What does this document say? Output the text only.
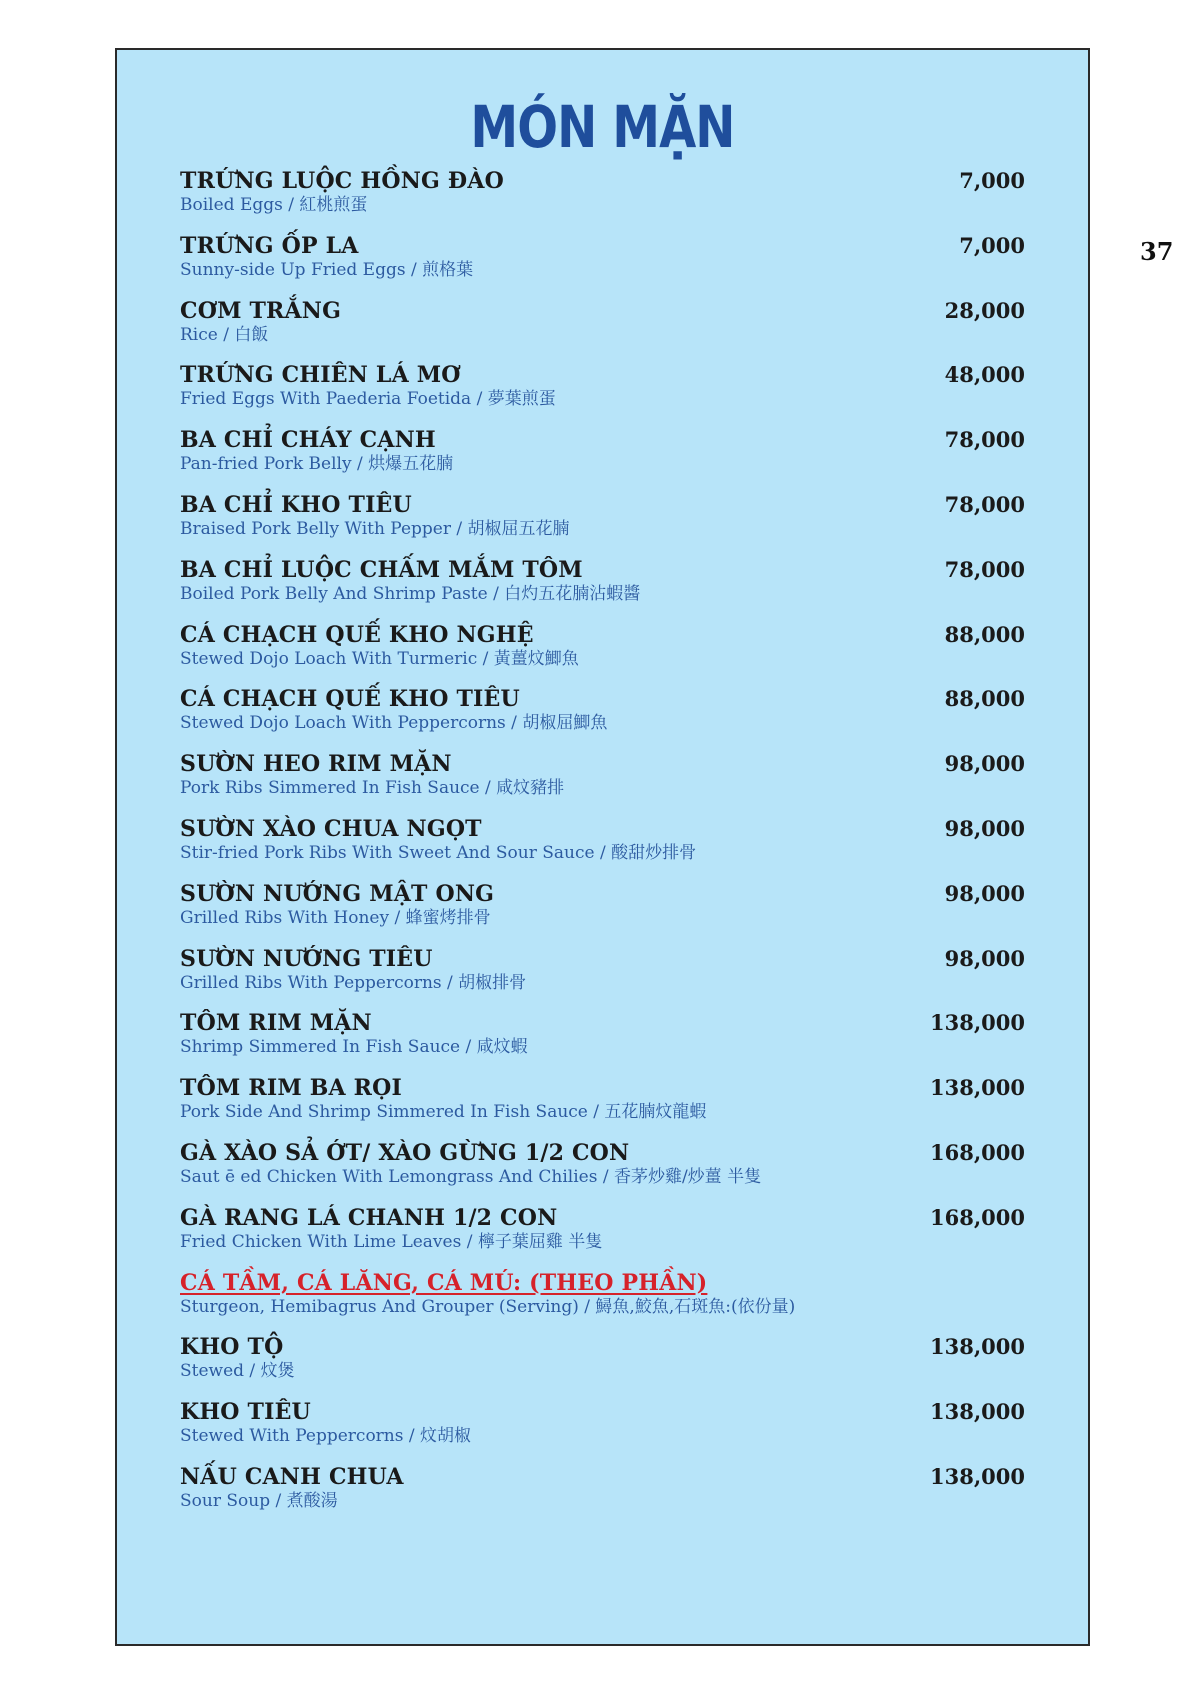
37
MÓN MẶN
TRỨNG LUỘC HỒNG ĐÀO
Boiled Eggs / 紅桃煎蛋
7,000
TRỨNG ỐP LA
Sunny-side Up Fried Eggs / 煎格葉
7,000
CƠM TRẮNG
Rice / 白飯
28,000
TRỨNG CHIÊN LÁ MƠ
Fried Eggs With Paederia Foetida / 夢葉煎蛋
48,000
BA CHỈ CHÁY CẠNH
Pan-fried Pork Belly / 烘爆五花腩
78,000
BA CHỈ KHO TIÊU
Braised Pork Belly With Pepper / 胡椒屈五花腩
78,000
BA CHỈ LUỘC CHẤM MẮM TÔM
Boiled Pork Belly And Shrimp Paste / 白灼五花腩沾蝦醬
78,000
CÁ CHẠCH QUẾ KHO NGHỆ
Stewed Dojo Loach With Turmeric / 黃薑炆鯽魚
88,000
CÁ CHẠCH QUẾ KHO TIÊU
Stewed Dojo Loach With Peppercorns / 胡椒屈鯽魚
88,000
SƯỜN HEO RIM MẶN
Pork Ribs Simmered In Fish Sauce / 咸炆豬排
98,000
SƯỜN XÀO CHUA NGỌT
Stir-fried Pork Ribs With Sweet And Sour Sauce / 酸甜炒排骨
98,000
SƯỜN NƯỚNG MẬT ONG
Grilled Ribs With Honey / 蜂蜜烤排骨
98,000
SƯỜN NƯỚNG TIÊU
Grilled Ribs With Peppercorns / 胡椒排骨
98,000
TÔM RIM MẶN
Shrimp Simmered In Fish Sauce / 咸炆蝦
138,000
TÔM RIM BA RỌI
Pork Side And Shrimp Simmered In Fish Sauce / 五花腩炆龍蝦
138,000
GÀ XÀO SẢ ỚT/ XÀO GỪNG 1/2 CON
Saut ē ed Chicken With Lemongrass And Chilies / 香茅炒雞/炒薑 半隻
168,000
GÀ RANG LÁ CHANH 1/2 CON
Fried Chicken With Lime Leaves / 檸子葉屈雞 半隻
168,000
CÁ TẦM, CÁ LĂNG, CÁ MÚ: (THEO PHẦN)
Sturgeon, Hemibagrus And Grouper (Serving) / 鱘魚,鮫魚,石斑魚:(依份量)
KHO TỘ
Stewed / 炆煲
138,000
KHO TIÊU
Stewed With Peppercorns / 炆胡椒
138,000
NẤU CANH CHUA
Sour Soup / 煮酸湯
138,000
